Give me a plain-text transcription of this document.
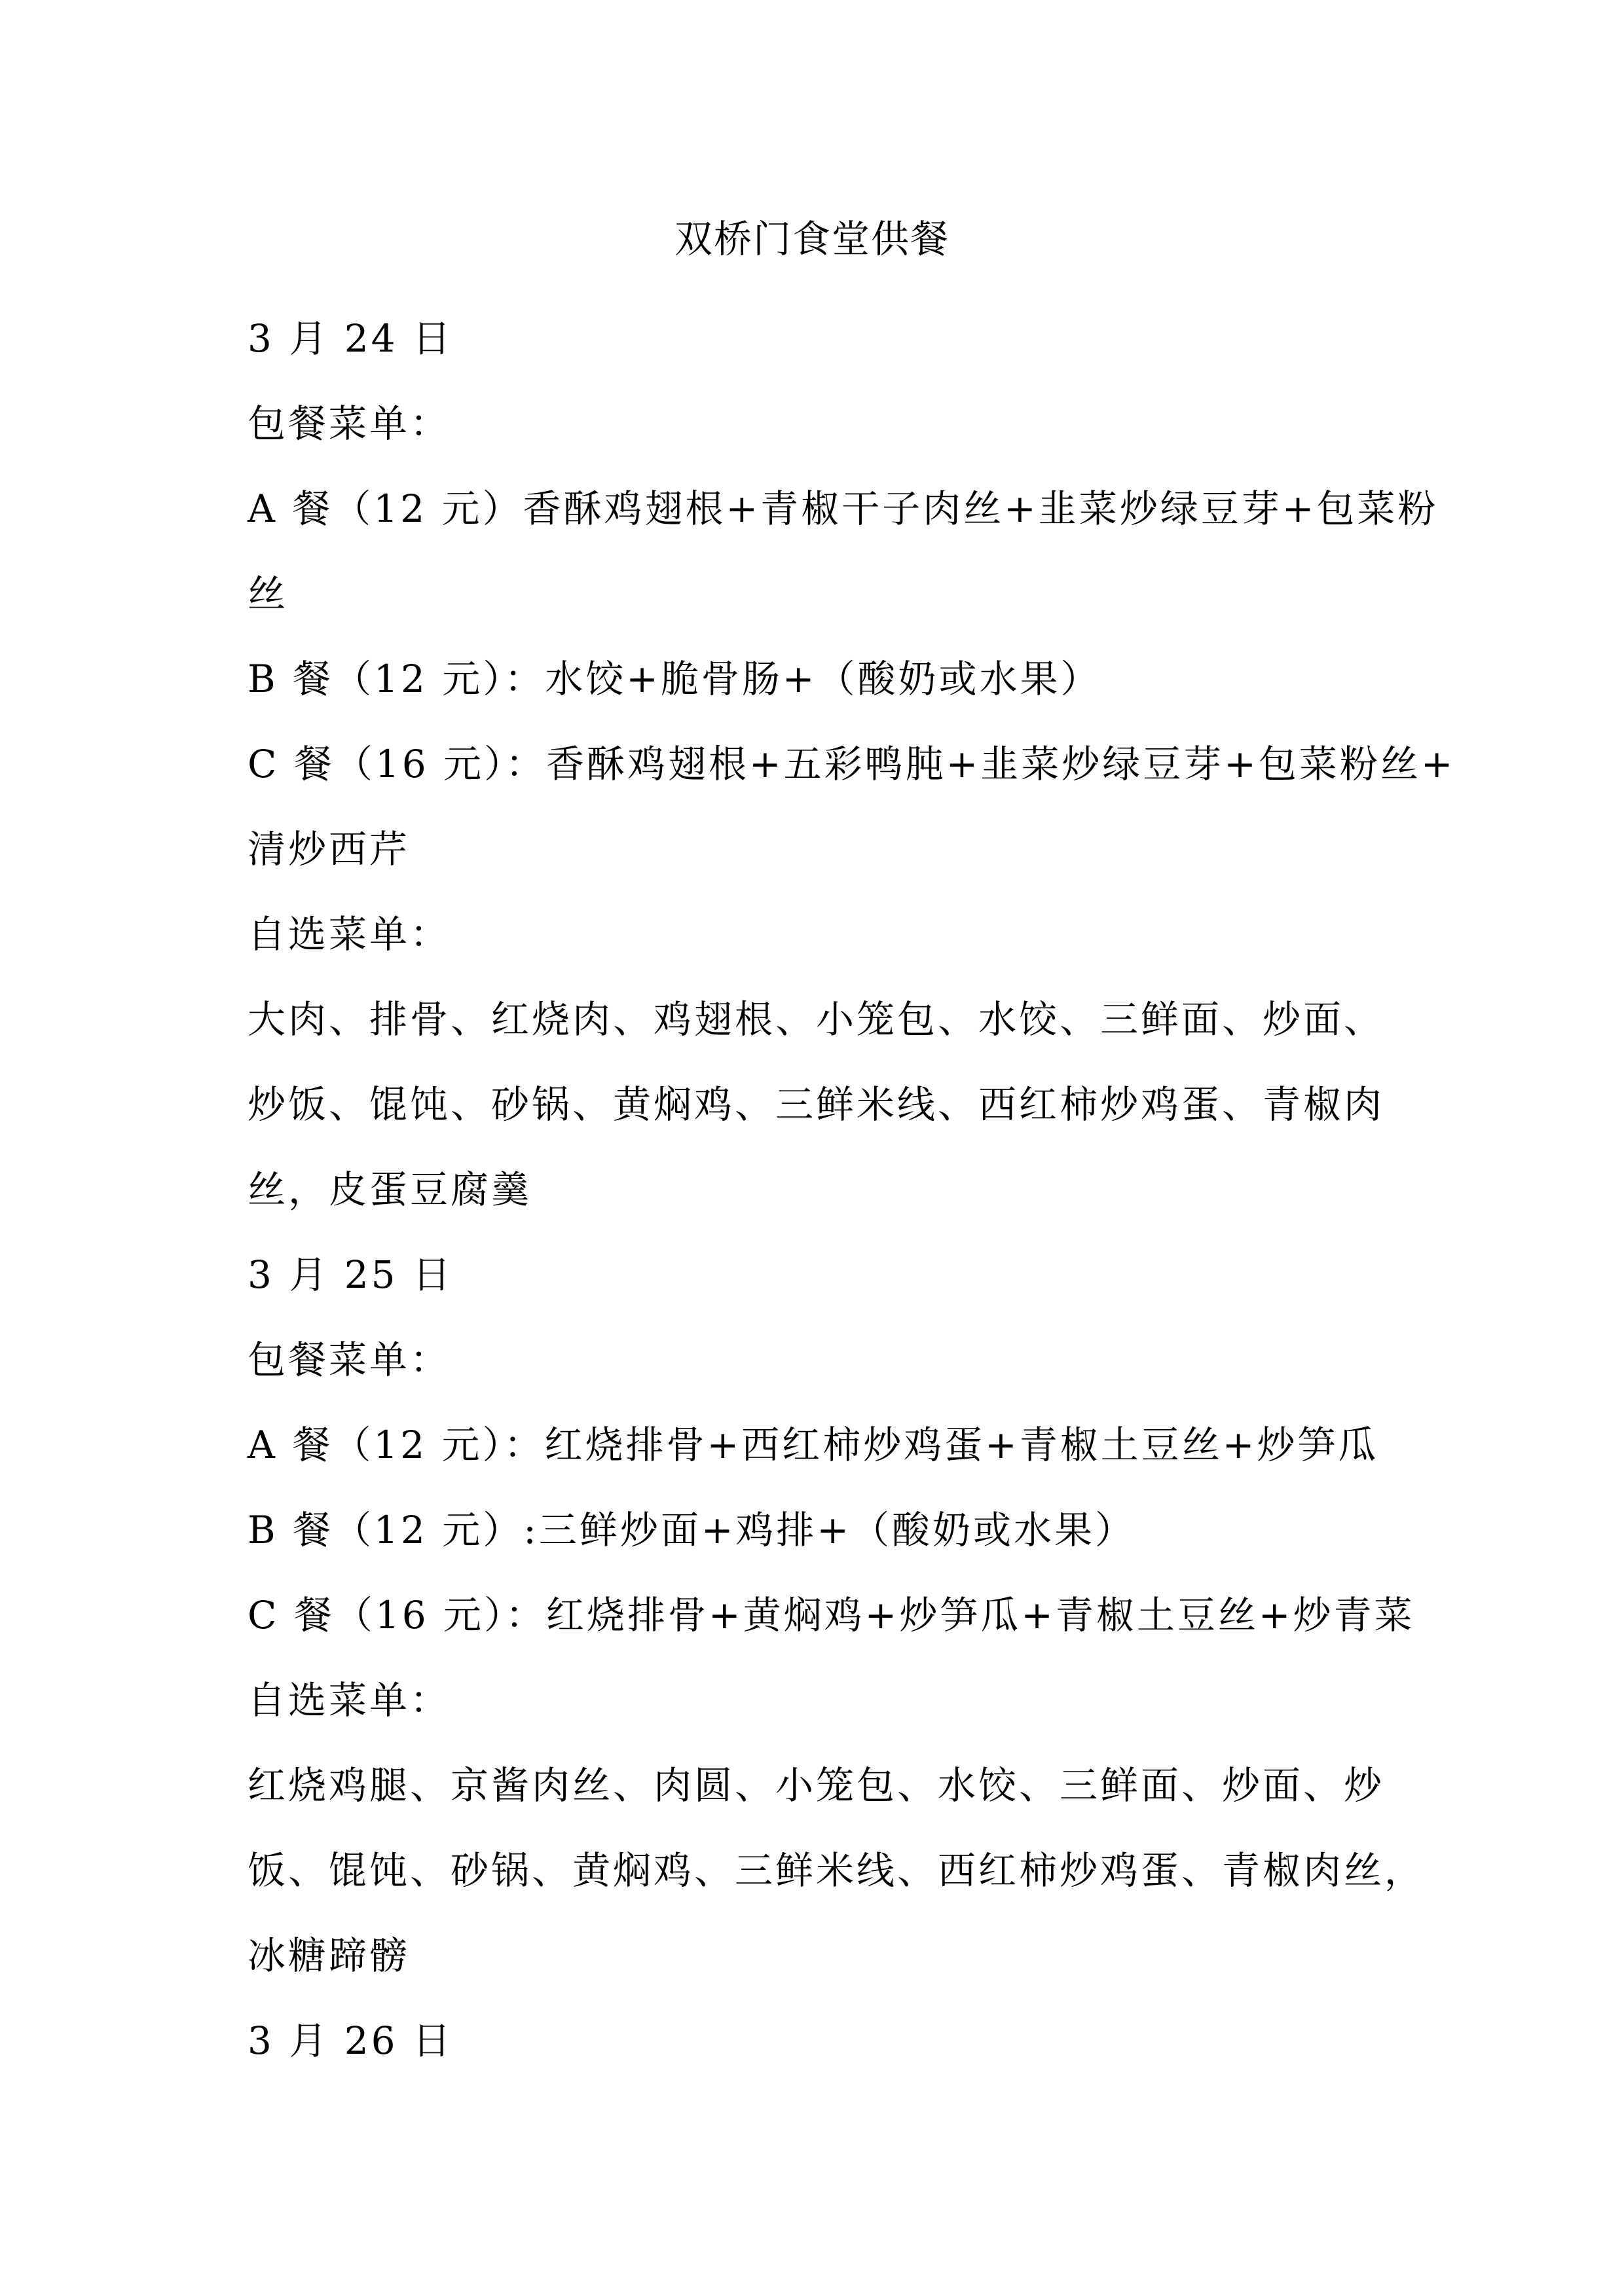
双桥门食堂供餐
3 月 24 日
包餐菜单：
A 餐（12 元）香酥鸡翅根+青椒干子肉丝+韭菜炒绿豆芽+包菜粉
丝
B 餐（12 元）：水饺+脆骨肠+（酸奶或水果）
C 餐（16 元）：香酥鸡翅根+五彩鸭肫+韭菜炒绿豆芽+包菜粉丝+
清炒西芹
自选菜单：
大肉、排骨、红烧肉、鸡翅根、小笼包、水饺、三鲜面、炒面、
炒饭、馄饨、砂锅、黄焖鸡、三鲜米线、西红柿炒鸡蛋、青椒肉
丝，皮蛋豆腐羹
3 月 25 日
包餐菜单：
A 餐（12 元）：红烧排骨+西红柿炒鸡蛋+青椒土豆丝+炒笋瓜
B 餐（12 元）:三鲜炒面+鸡排+（酸奶或水果）
C 餐（16 元）：红烧排骨+黄焖鸡+炒笋瓜+青椒土豆丝+炒青菜
自选菜单：
红烧鸡腿、京酱肉丝、肉圆、小笼包、水饺、三鲜面、炒面、炒
饭、馄饨、砂锅、黄焖鸡、三鲜米线、西红柿炒鸡蛋、青椒肉丝，
冰糖蹄髈
3 月 26 日
